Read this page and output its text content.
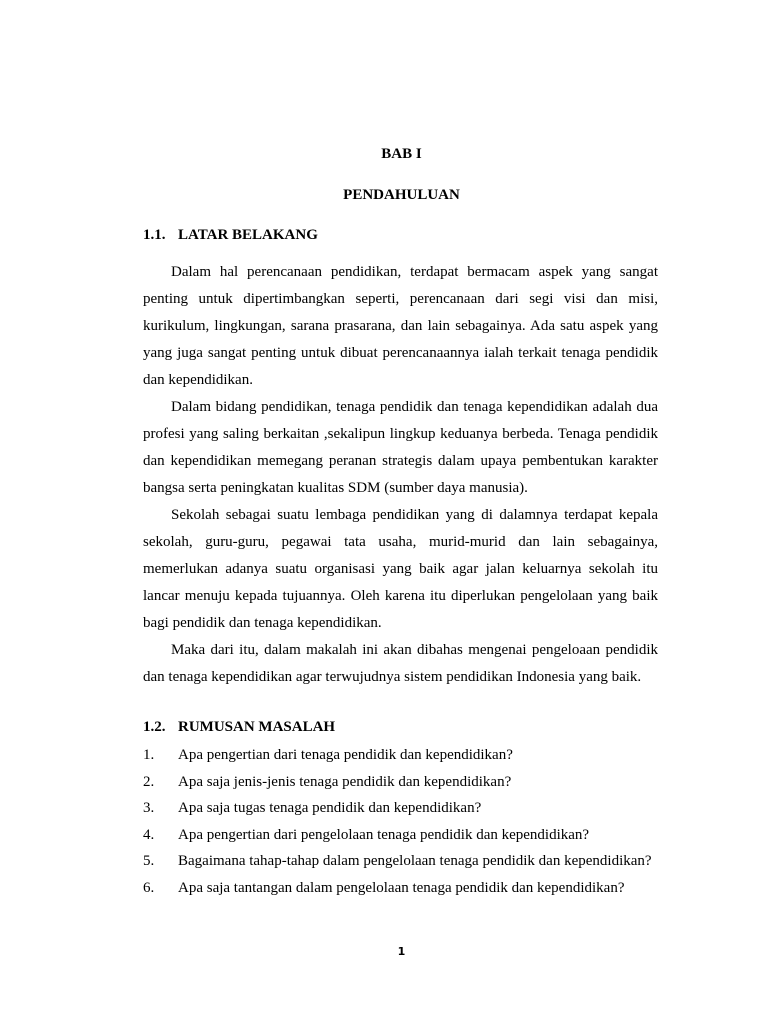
BAB I
PENDAHULUAN
1.1. LATAR BELAKANG

Dalam hal perencanaan pendidikan, terdapat bermacam aspek yang sangat penting untuk dipertimbangkan seperti, perencanaan dari segi visi dan misi, kurikulum, lingkungan, sarana prasarana, dan lain sebagainya. Ada satu aspek yang yang juga sangat penting untuk dibuat perencanaannya ialah terkait tenaga pendidik dan kependidikan.

Dalam bidang pendidikan, tenaga pendidik dan tenaga kependidikan adalah dua profesi yang saling berkaitan ,sekalipun lingkup keduanya berbeda. Tenaga pendidik dan kependidikan memegang peranan strategis dalam upaya pembentukan karakter bangsa serta peningkatan kualitas SDM (sumber daya manusia).

Sekolah sebagai suatu lembaga pendidikan yang di dalamnya terdapat kepala sekolah, guru-guru, pegawai tata usaha, murid-murid dan lain sebagainya, memerlukan adanya suatu organisasi yang baik agar jalan keluarnya sekolah itu lancar menuju kepada tujuannya. Oleh karena itu diperlukan pengelolaan yang baik bagi pendidik dan tenaga kependidikan.

Maka dari itu, dalam makalah ini akan dibahas mengenai pengeloaan pendidik dan tenaga kependidikan agar terwujudnya sistem pendidikan Indonesia yang baik.

1.2. RUMUSAN MASALAH
1. Apa pengertian dari tenaga pendidik dan kependidikan?
2. Apa saja jenis-jenis tenaga pendidik dan kependidikan?
3. Apa saja tugas tenaga pendidik dan kependidikan?
4. Apa pengertian dari pengelolaan tenaga pendidik dan kependidikan?
5. Bagaimana tahap-tahap dalam pengelolaan tenaga pendidik dan kependidikan?
6. Apa saja tantangan dalam pengelolaan tenaga pendidik dan kependidikan?
1
